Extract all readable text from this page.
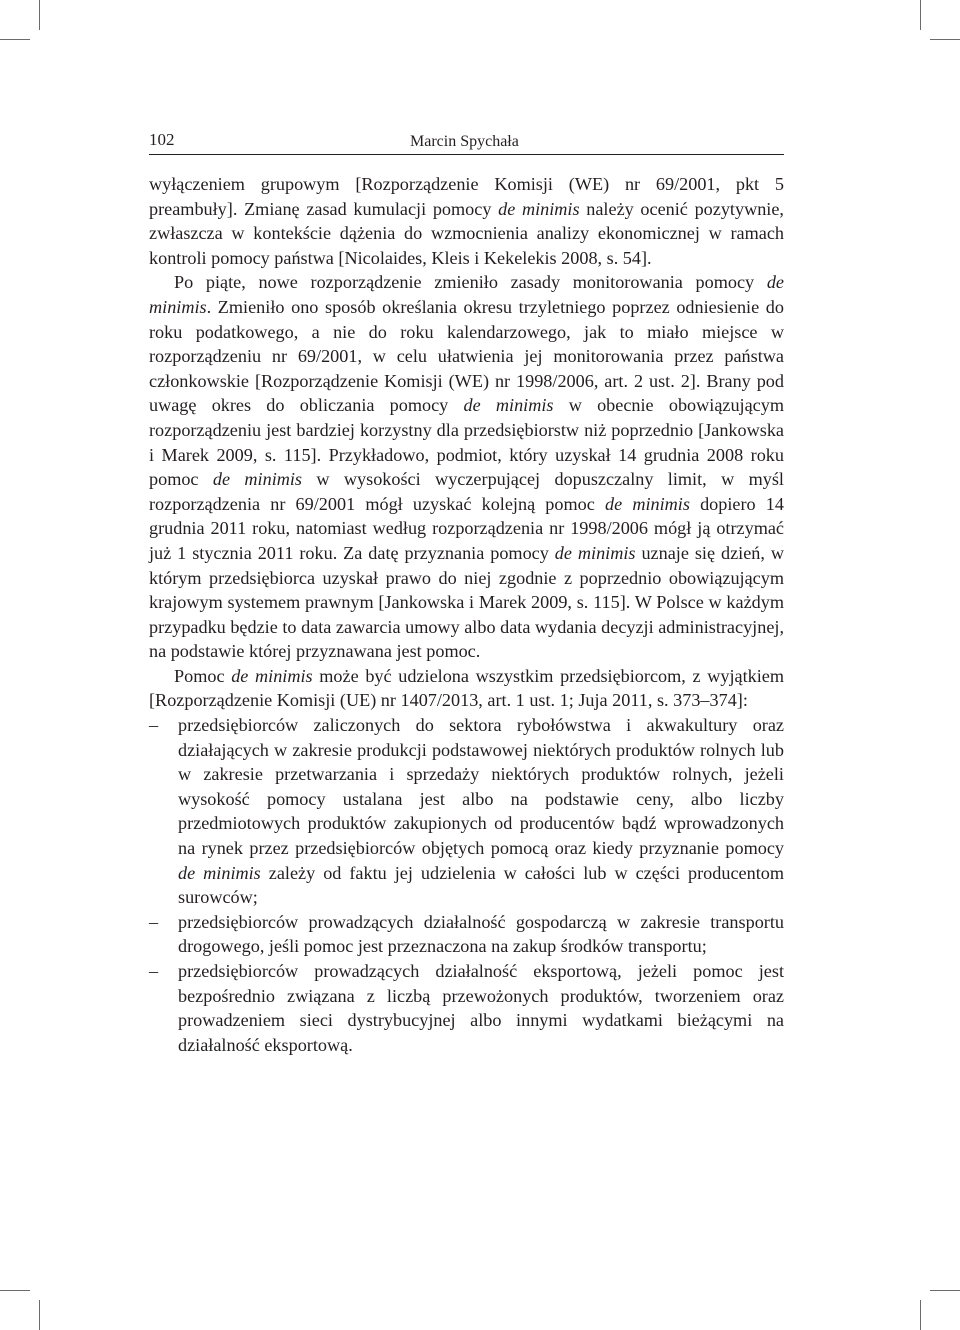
102	Marcin Spychała

wyłączeniem grupowym [Rozporządzenie Komisji (WE) nr 69/2001, pkt 5 preambuły]. Zmianę zasad kumulacji pomocy de minimis należy ocenić pozytywnie, zwłaszcza w kontekście dążenia do wzmocnienia analizy ekonomicznej w ramach kontroli pomocy państwa [Nicolaides, Kleis i Kekelekis 2008, s. 54].

Po piąte, nowe rozporządzenie zmieniło zasady monitorowania pomocy de minimis. Zmieniło ono sposób określania okresu trzyletniego poprzez odniesienie do roku podatkowego, a nie do roku kalendarzowego, jak to miało miejsce w rozporządzeniu nr 69/2001, w celu ułatwienia jej monitorowania przez państwa członkowskie [Rozporządzenie Komisji (WE) nr 1998/2006, art. 2 ust. 2]. Brany pod uwagę okres do obliczania pomocy de minimis w obecnie obowiązującym rozporządzeniu jest bardziej korzystny dla przedsiębiorstw niż poprzednio [Jankowska i Marek 2009, s. 115]. Przykładowo, podmiot, który uzyskał 14 grudnia 2008 roku pomoc de minimis w wysokości wyczerpującej dopuszczalny limit, w myśl rozporządzenia nr 69/2001 mógł uzyskać kolejną pomoc de minimis dopiero 14 grudnia 2011 roku, natomiast według rozporządzenia nr 1998/2006 mógł ją otrzymać już 1 stycznia 2011 roku. Za datę przyznania pomocy de minimis uznaje się dzień, w którym przedsiębiorca uzyskał prawo do niej zgodnie z poprzednio obowiązującym krajowym systemem prawnym [Jankowska i Marek 2009, s. 115]. W Polsce w każdym przypadku będzie to data zawarcia umowy albo data wydania decyzji administracyjnej, na podstawie której przyznawana jest pomoc.

Pomoc de minimis może być udzielona wszystkim przedsiębiorcom, z wyjątkiem [Rozporządzenie Komisji (UE) nr 1407/2013, art. 1 ust. 1; Juja 2011, s. 373–374]:

– przedsiębiorców zaliczonych do sektora rybołówstwa i akwakultury oraz działających w zakresie produkcji podstawowej niektórych produktów rolnych lub w zakresie przetwarzania i sprzedaży niektórych produktów rolnych, jeżeli wysokość pomocy ustalana jest albo na podstawie ceny, albo liczby przedmiotowych produktów zakupionych od producentów bądź wprowadzonych na rynek przez przedsiębiorców objętych pomocą oraz kiedy przyznanie pomocy de minimis zależy od faktu jej udzielenia w całości lub w części producentom surowców;
– przedsiębiorców prowadzących działalność gospodarczą w zakresie transportu drogowego, jeśli pomoc jest przeznaczona na zakup środków transportu;
– przedsiębiorców prowadzących działalność eksportową, jeżeli pomoc jest bezpośrednio związana z liczbą przewożonych produktów, tworzeniem oraz prowadzeniem sieci dystrybucyjnej albo innymi wydatkami bieżącymi na działalność eksportową.
